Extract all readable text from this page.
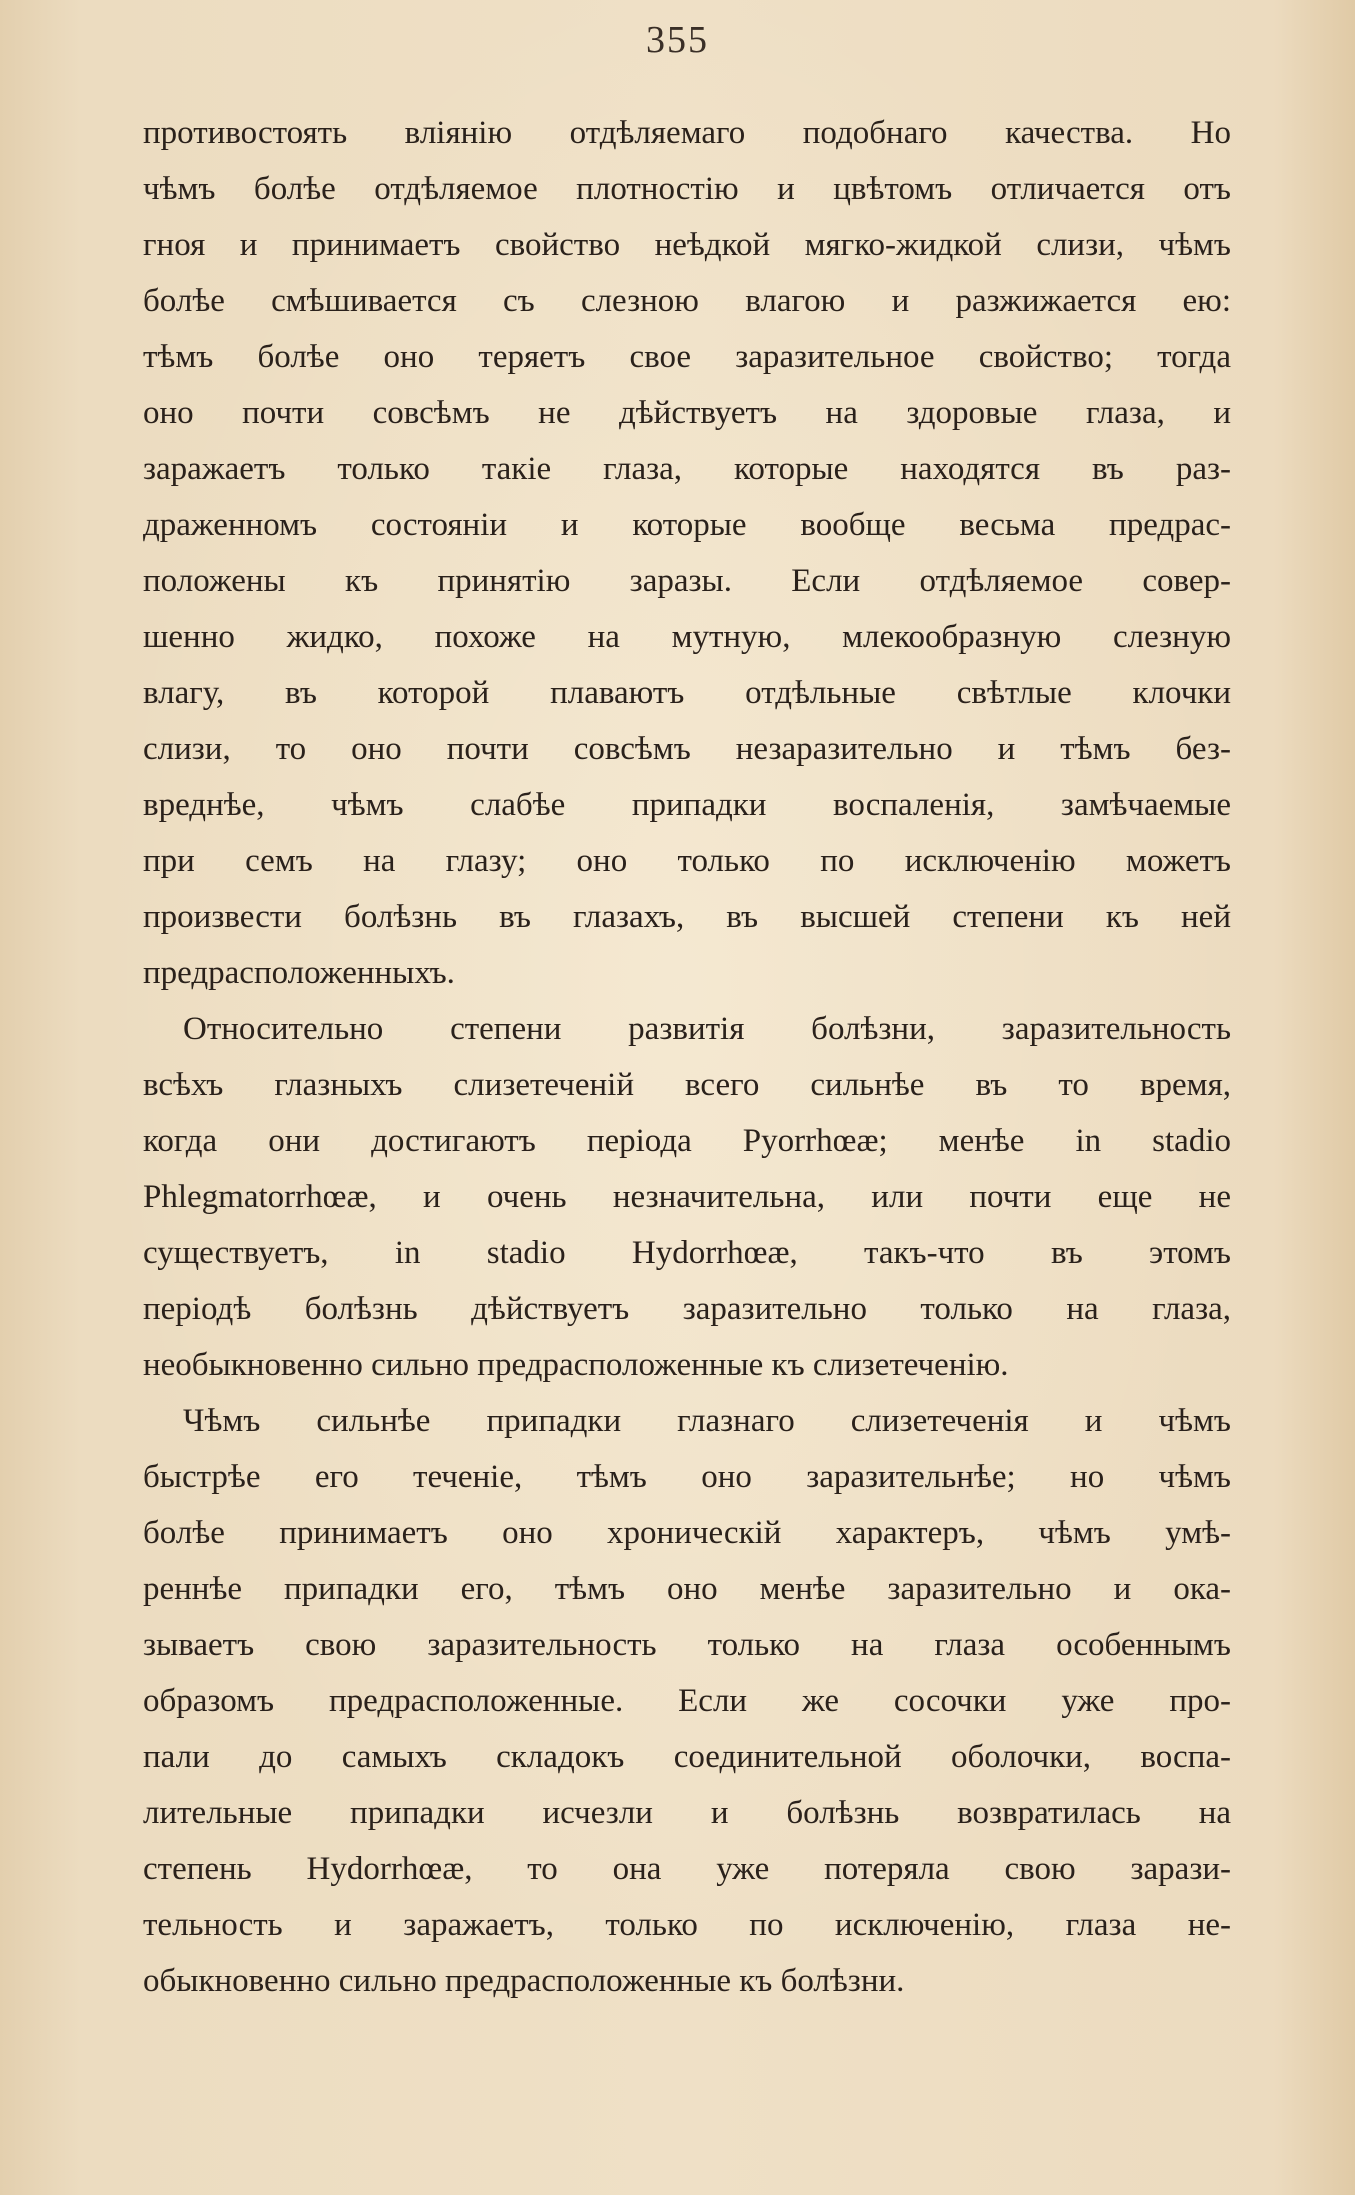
355
противостоять вліянію отдѣляемаго подобнаго качества. Но
чѣмъ болѣе отдѣляемое плотностію и цвѣтомъ отличается отъ
гноя и принимаетъ свойство неѣдкой мягко-жидкой слизи, чѣмъ
болѣе смѣшивается съ слезною влагою и разжижается ею:
тѣмъ болѣе оно теряетъ свое заразительное свойство; тогда
оно почти совсѣмъ не дѣйствуетъ на здоровые глаза, и
заражаетъ только такіе глаза, которые находятся въ раз-
драженномъ состояніи и которые вообще весьма предрас-
положены къ принятію заразы. Если отдѣляемое совер-
шенно жидко, похоже на мутную, млекообразную слезную
влагу, въ которой плаваютъ отдѣльные свѣтлые клочки
слизи, то оно почти совсѣмъ незаразительно и тѣмъ без-
вреднѣе, чѣмъ слабѣе припадки воспаленія, замѣчаемые
при семъ на глазу; оно только по исключенію можетъ
произвести болѣзнь въ глазахъ, въ высшей степени къ ней
предрасположенныхъ.
Относительно степени развитія болѣзни, заразительность
всѣхъ глазныхъ слизетеченій всего сильнѣе въ то время,
когда они достигаютъ періода Pyorrhœæ; менѣе in stadio
Phlegmatorrhœæ, и очень незначительна, или почти еще не
существуетъ, in stadio Hydorrhœæ, такъ-что въ этомъ
періодѣ болѣзнь дѣйствуетъ заразительно только на глаза,
необыкновенно сильно предрасположенные къ слизетеченію.
Чѣмъ сильнѣе припадки глазнаго слизетеченія и чѣмъ
быстрѣе его теченіе, тѣмъ оно заразительнѣе; но чѣмъ
болѣе принимаетъ оно хроническій характеръ, чѣмъ умѣ-
реннѣе припадки его, тѣмъ оно менѣе заразительно и ока-
зываетъ свою заразительность только на глаза особеннымъ
образомъ предрасположенные. Если же сосочки уже про-
пали до самыхъ складокъ соединительной оболочки, воспа-
лительные припадки исчезли и болѣзнь возвратилась на
степень Hydorrhœæ, то она уже потеряла свою зарази-
тельность и заражаетъ, только по исключенію, глаза не-
обыкновенно сильно предрасположенные къ болѣзни.
